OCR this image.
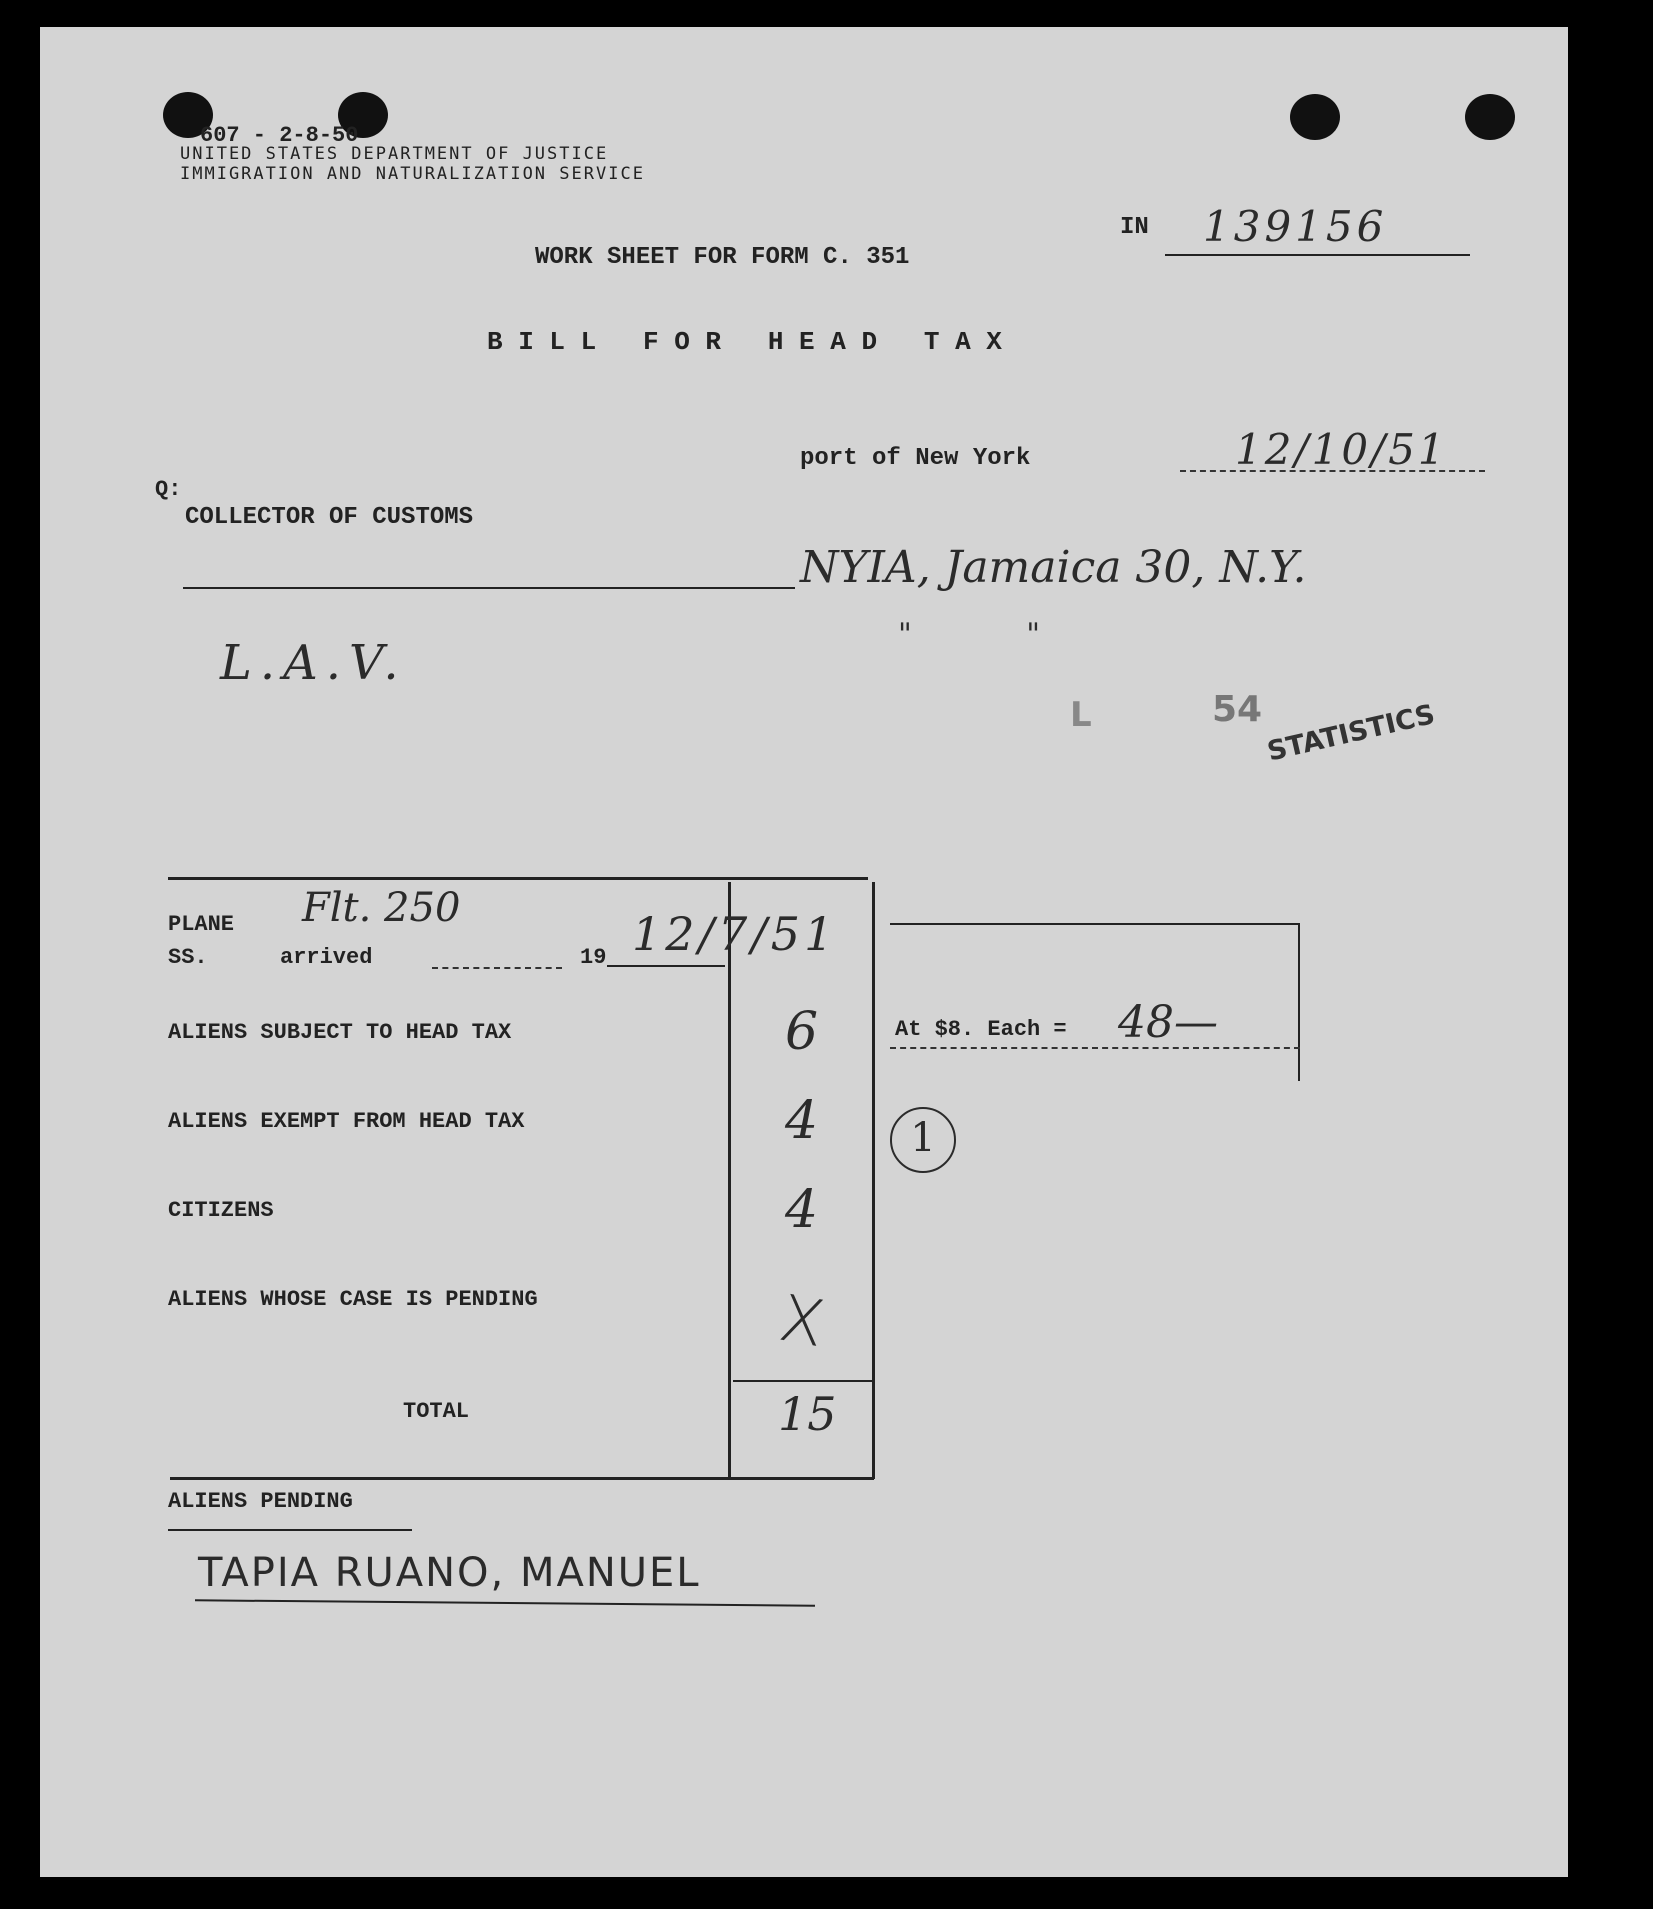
607 - 2-8-50
UNITED STATES DEPARTMENT OF JUSTICE
IMMIGRATION AND NATURALIZATION SERVICE
IN 139156
WORK SHEET FOR FORM C. 351
B I L L   F O R   H E A D   T A X
port of New York	12/10/51
Q:
COLLECTOR OF CUSTOMS
NYIA, Jamaica 30, N.Y.
"            "
L.A.V.
L	54 STATISTICS
PLANE
SS.	arrived	19
Flt. 250	12/7/51
ALIENS SUBJECT TO HEAD TAX	6
ALIENS EXEMPT FROM HEAD TAX	4
CITIZENS	4
ALIENS WHOSE CASE IS PENDING	X
TOTAL	15
At $8. Each = 48—
1
ALIENS PENDING
TAPIA RUANO, MANUEL
